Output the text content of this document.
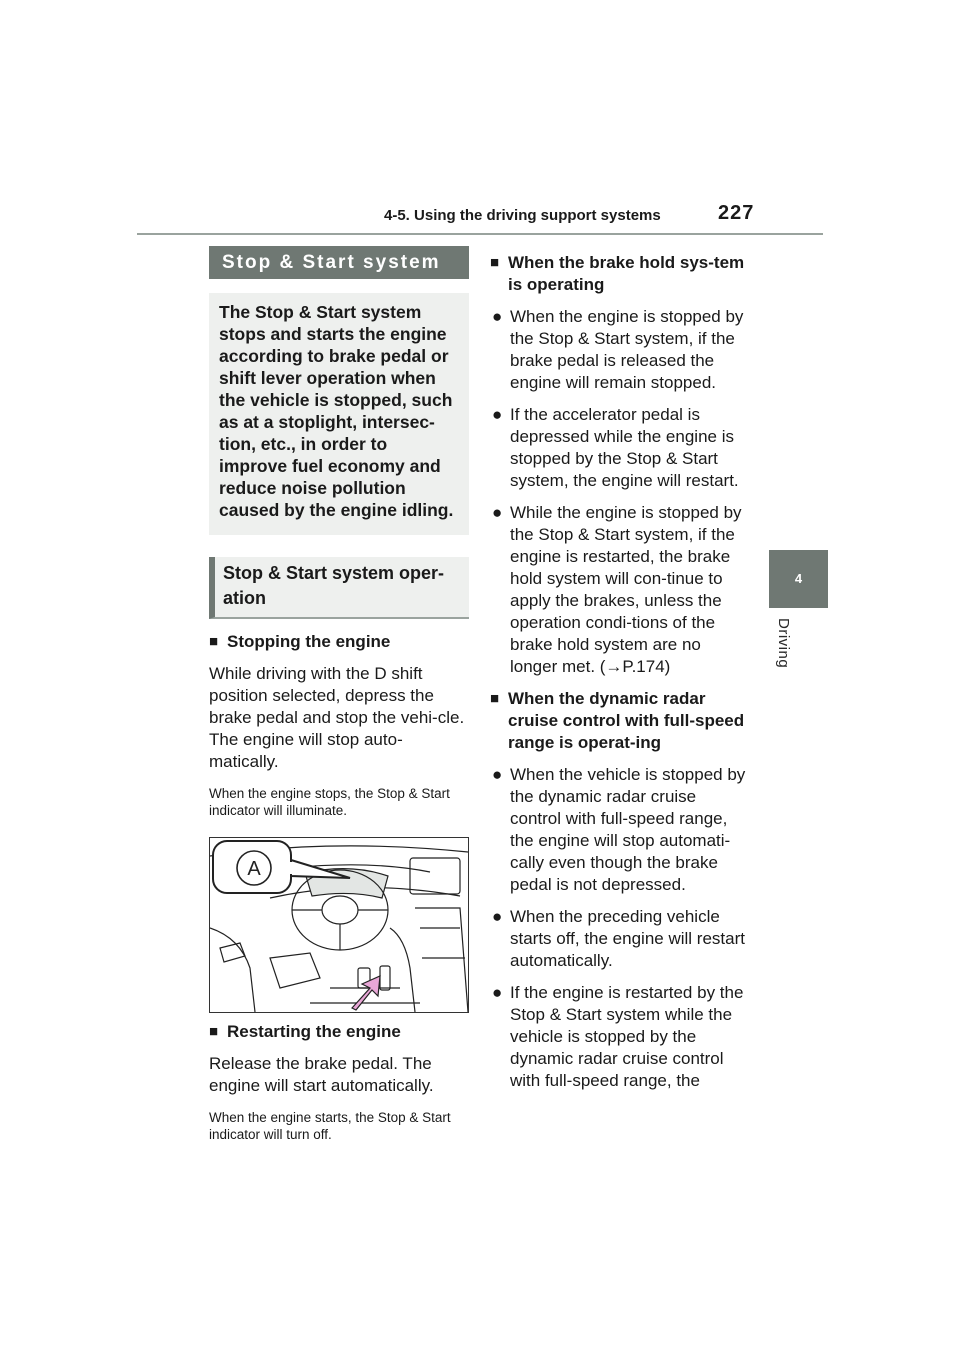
4-5. Using the driving support systems	227
4
Driving
Stop & Start system
The Stop & Start system stops and starts the engine according to brake pedal or shift lever operation when the vehicle is stopped, such as at a stoplight, intersec-tion, etc., in order to improve fuel economy and reduce noise pollution caused by the engine idling.
Stop & Start system oper-ation
■ Stopping the engine
While driving with the D shift position selected, depress the brake pedal and stop the vehi-cle. The engine will stop auto-matically.
When the engine stops, the Stop & Start indicator will illuminate.
A
■ Restarting the engine
Release the brake pedal. The engine will start automatically.
When the engine starts, the Stop & Start indicator will turn off.
■ When the brake hold sys-tem is operating
● When the engine is stopped by the Stop & Start system, if the brake pedal is released the engine will remain stopped.
● If the accelerator pedal is depressed while the engine is stopped by the Stop & Start system, the engine will restart.
● While the engine is stopped by the Stop & Start system, if the engine is restarted, the brake hold system will con-tinue to apply the brakes, unless the operation condi-tions of the brake hold system are no longer met. (→P.174)
■ When the dynamic radar cruise control with full-speed range is operat-ing
● When the vehicle is stopped by the dynamic radar cruise control with full-speed range, the engine will stop automati-cally even though the brake pedal is not depressed.
● When the preceding vehicle starts off, the engine will restart automatically.
● If the engine is restarted by the Stop & Start system while the vehicle is stopped by the dynamic radar cruise control with full-speed range, the
